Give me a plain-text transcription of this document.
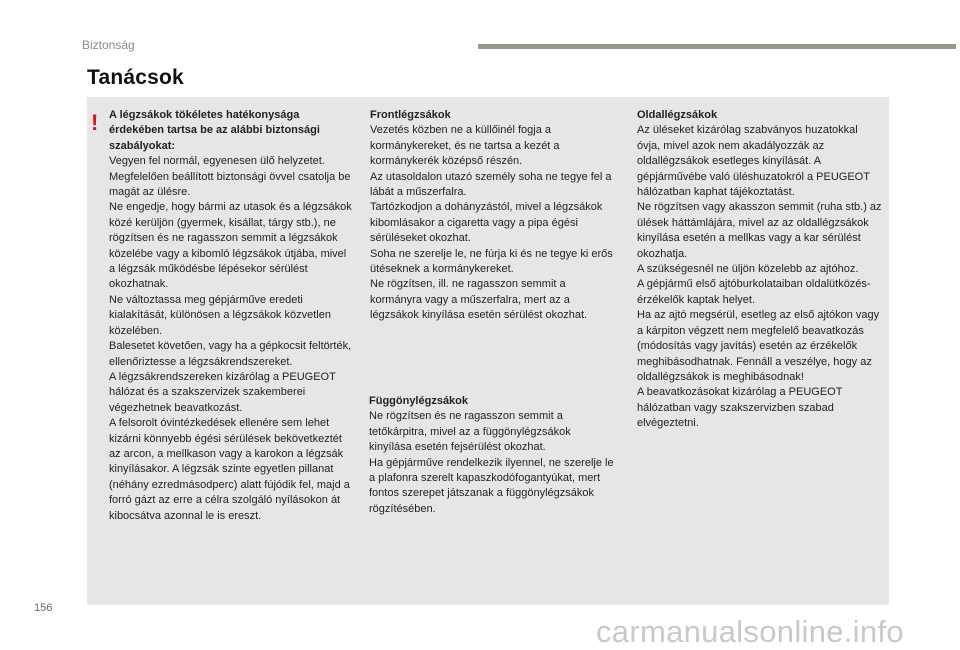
Biztonság
Tanácsok
! A légzsákok tökéletes hatékonysága érdekében tartsa be az alábbi biztonsági szabályokat:

Vegyen fel normál, egyenesen ülő helyzetet.
Megfelelően beállított biztonsági övvel csatolja be magát az ülésre.
Ne engedje, hogy bármi az utasok és a légzsákok közé kerüljön (gyermek, kisállat, tárgy stb.), ne rögzítsen és ne ragasszon semmit a légzsákok közelébe vagy a kibomló légzsákok útjába, mivel a légzsák működésbe lépésekor sérülést okozhatnak.
Ne változtassa meg gépjárműve eredeti kialakítását, különösen a légzsákok közvetlen közelében.
Balesetet követően, vagy ha a gépkocsit feltörték, ellenőriztesse a légzsákrendszereket.
A légzsákrendszereken kizárólag a PEUGEOT hálózat és a szakszervizek szakemberei végezhetnek beavatkozást.
A felsorolt óvintézkedések ellenére sem lehet kizárni könnyebb égési sérülések bekövetkeztét az arcon, a mellkason vagy a karokon a légzsák kinyílásakor. A légzsák szinte egyetlen pillanat (néhány ezredmásodperc) alatt fújódik fel, majd a forró gázt az erre a célra szolgáló nyílásokon át kibocsátva azonnal le is ereszt.

Frontlégzsákok

Vezetés közben ne a küllőinél fogja a kormánykereket, és ne tartsa a kezét a kormánykerék középső részén.
Az utasoldalon utazó személy soha ne tegye fel a lábát a műszerfalra.
Tartózkodjon a dohányzástól, mivel a légzsákok kibomlásakor a cigaretta vagy a pipa égési sérüléseket okozhat.
Soha ne szerelje le, ne fúrja ki és ne tegye ki erős ütéseknek a kormánykereket.
Ne rögzítsen, ill. ne ragasszon semmit a kormányra vagy a műszerfalra, mert az a légzsákok kinyílása esetén sérülést okozhat.

Függönylégzsákok

Ne rögzítsen és ne ragasszon semmit a tetőkárpitra, mivel az a függönylégzsákok kinyílása esetén fejsérülést okozhat.
Ha gépjárműve rendelkezik ilyennel, ne szerelje le a plafonra szerelt kapaszkodófogantyúkat, mert fontos szerepet játszanak a függönylégzsákok rögzítésében.

Oldallégzsákok

Az üléseket kizárólag szabványos huzatokkal óvja, mivel azok nem akadályozzák az oldallégzsákok esetleges kinyílását. A gépjárművébe való üléshuzatokról a PEUGEOT hálózatban kaphat tájékoztatást.
Ne rögzítsen vagy akasszon semmit (ruha stb.) az ülések háttámlájára, mivel az az oldallégzsákok kinyílása esetén a mellkas vagy a kar sérülést okozhatja.
A szükségesnél ne üljön közelebb az ajtóhoz.
A gépjármű első ajtóburkolataiban oldalütközés-érzékelők kaptak helyet.
Ha az ajtó megsérül, esetleg az első ajtókon vagy a kárpiton végzett nem megfelelő beavatkozás (módosítás vagy javítás) esetén az érzékelők meghibásodhatnak. Fennáll a veszélye, hogy az oldallégzsákok is meghibásodnak!
A beavatkozásokat kizárólag a PEUGEOT hálózatban vagy szakszervizben szabad elvégeztetni.

156
carmanualsonline.info
